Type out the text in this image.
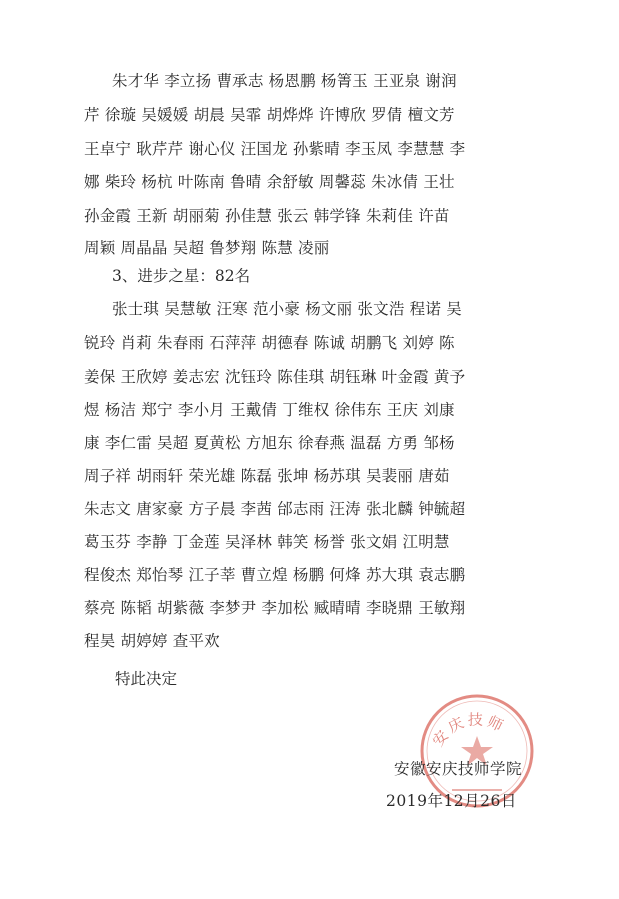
朱才华 李立扬 曹承志 杨恩鹏 杨箐玉 王亚泉 谢润
芹 徐璇 吴媛媛 胡晨 吴霏 胡烨烨 许博欣 罗倩 檀文芳
王卓宁 耿芹芹 谢心仪 汪国龙 孙紫晴 李玉凤 李慧慧 李
娜 柴玲 杨杭 叶陈南 鲁晴 余舒敏 周馨蕊 朱冰倩 王壮
孙金霞 王新 胡丽菊 孙佳慧 张云 韩学锋 朱莉佳 许苗
周颖 周晶晶 吴超 鲁梦翔 陈慧 凌丽
3、进步之星：82名
张士琪 吴慧敏 汪寒 范小豪 杨文丽 张文浩 程诺 吴
锐玲 肖莉 朱春雨 石萍萍 胡德春 陈诚 胡鹏飞 刘婷 陈
姜保 王欣婷 姜志宏 沈钰玲 陈佳琪 胡钰琳 叶金霞 黄予
煜 杨洁 郑宁 李小月 王戴倩 丁维权 徐伟东 王庆 刘康
康 李仁雷 吴超 夏黄松 方旭东 徐春燕 温磊 方勇 邹杨
周子祥 胡雨轩 荣光雄 陈磊 张坤 杨苏琪 吴裴丽 唐茹
朱志文 唐家豪 方子晨 李茜 邰志雨 汪涛 张北麟 钟毓超
葛玉芬 李静 丁金莲 吴泽林 韩笑 杨誉 张文娟 江明慧
程俊杰 郑怡琴 江子莘 曹立煌 杨鹏 何烽 苏大琪 袁志鹏
蔡亮 陈韬 胡紫薇 李梦尹 李加松 臧晴晴 李晓鼎 王敏翔
程昊 胡婷婷 查平欢
特此决定
安庆技师
安徽安庆技师学院
2019年12月26日
